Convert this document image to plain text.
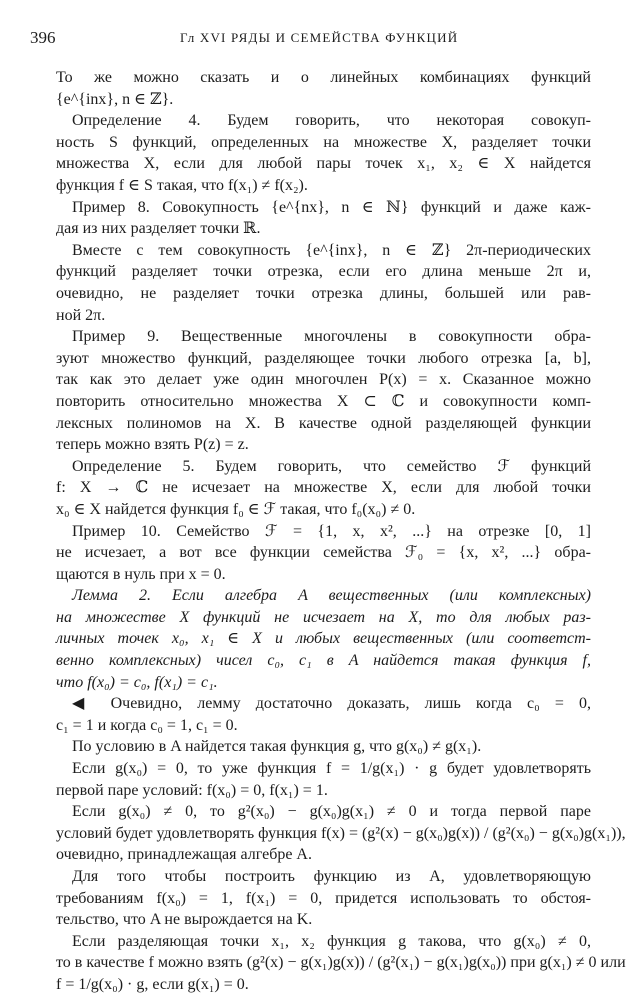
396	Гл XVI РЯДЫ И СЕМЕЙСТВА ФУНКЦИЙ
То же можно сказать и о линейных комбинациях функций
{e^{inx}, n ∈ ℤ}.
Определение 4. Будем говорить, что некоторая совокуп-
ность S функций, определенных на множестве X, разделяет точки
множества X, если для любой пары точек x₁, x₂ ∈ X найдется
функция f ∈ S такая, что f(x₁) ≠ f(x₂).
Пример 8. Совокупность {e^{nx}, n ∈ ℕ} функций и даже каж-
дая из них разделяет точки ℝ.
Вместе с тем совокупность {e^{inx}, n ∈ ℤ} 2π-периодических
функций разделяет точки отрезка, если его длина меньше 2π и,
очевидно, не разделяет точки отрезка длины, большей или рав-
ной 2π.
Пример 9. Вещественные многочлены в совокупности обра-
зуют множество функций, разделяющее точки любого отрезка [a, b],
так как это делает уже один многочлен P(x) = x. Сказанное можно
повторить относительно множества X ⊂ ℂ и совокупности комп-
лексных полиномов на X. В качестве одной разделяющей функции
теперь можно взять P(z) = z.
Определение 5. Будем говорить, что семейство ℱ функций
f: X → ℂ не исчезает на множестве X, если для любой точки
x₀ ∈ X найдется функция f₀ ∈ ℱ такая, что f₀(x₀) ≠ 0.
Пример 10. Семейство ℱ = {1, x, x², ...} на отрезке [0, 1]
не исчезает, а вот все функции семейства ℱ₀ = {x, x², ...} обра-
щаются в нуль при x = 0.
Лемма 2. Если алгебра A вещественных (или комплексных)
на множестве X функций не исчезает на X, то для любых раз-
личных точек x₀, x₁ ∈ X и любых вещественных (или соответст-
венно комплексных) чисел c₀, c₁ в A найдется такая функция f,
что f(x₀) = c₀, f(x₁) = c₁.
◀ Очевидно, лемму достаточно доказать, лишь когда c₀ = 0,
c₁ = 1 и когда c₀ = 1, c₁ = 0.
По условию в A найдется такая функция g, что g(x₀) ≠ g(x₁).
Если g(x₀) = 0, то уже функция f = 1/g(x₁) · g будет удовлетворять
первой паре условий: f(x₀) = 0, f(x₁) = 1.
Если g(x₀) ≠ 0, то g²(x₀) − g(x₀)g(x₁) ≠ 0 и тогда первой паре
условий будет удовлетворять функция f(x) = (g²(x) − g(x₀)g(x)) / (g²(x₀) − g(x₀)g(x₁)),
очевидно, принадлежащая алгебре A.
Для того чтобы построить функцию из A, удовлетворяющую
требованиям f(x₀) = 1, f(x₁) = 0, придется использовать то обстоя-
тельство, что A не вырождается на K.
Если разделяющая точки x₁, x₂ функция g такова, что g(x₀) ≠ 0,
то в качестве f можно взять (g²(x) − g(x₁)g(x)) / (g²(x₁) − g(x₁)g(x₀)) при g(x₁) ≠ 0 или
f = 1/g(x₀) · g, если g(x₁) = 0.
